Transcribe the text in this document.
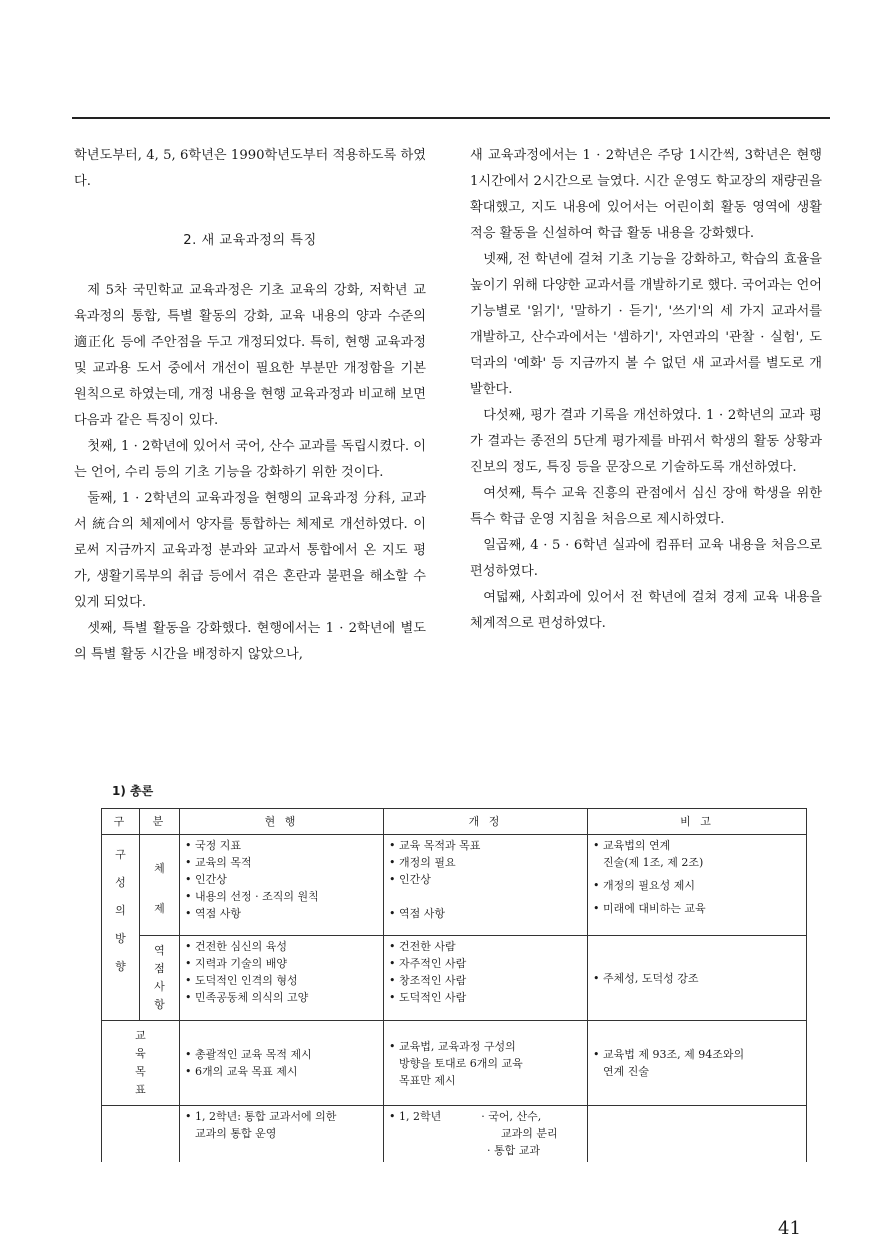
학년도부터, 4, 5, 6학년은 1990학년도부터 적용하도록 하였다.

2. 새 교육과정의 특징

제 5차 국민학교 교육과정은 기초 교육의 강화, 저학년 교육과정의 통합, 특별 활동의 강화, 교육 내용의 양과 수준의 適正化 등에 주안점을 두고 개정되었다. 특히, 현행 교육과정 및 교과용 도서 중에서 개선이 필요한 부분만 개정함을 기본 원칙으로 하였는데, 개정 내용을 현행 교육과정과 비교해 보면 다음과 같은 특징이 있다.

첫째, 1 · 2학년에 있어서 국어, 산수 교과를 독립시켰다. 이는 언어, 수리 등의 기초 기능을 강화하기 위한 것이다.

둘째, 1 · 2학년의 교육과정을 현행의 교육과정 分科, 교과서 統合의 체제에서 양자를 통합하는 체제로 개선하였다. 이로써 지금까지 교육과정 분과와 교과서 통합에서 온 지도 평가, 생활기록부의 취급 등에서 겪은 혼란과 불편을 해소할 수 있게 되었다.

셋째, 특별 활동을 강화했다. 현행에서는 1 · 2학년에 별도의 특별 활동 시간을 배정하지 않았으나,

새 교육과정에서는 1 · 2학년은 주당 1시간씩, 3학년은 현행 1시간에서 2시간으로 늘였다. 시간 운영도 학교장의 재량권을 확대했고, 지도 내용에 있어서는 어린이회 활동 영역에 생활 적응 활동을 신설하여 학급 활동 내용을 강화했다.

넷째, 전 학년에 걸쳐 기초 기능을 강화하고, 학습의 효율을 높이기 위해 다양한 교과서를 개발하기로 했다. 국어과는 언어 기능별로 '읽기', '말하기 · 듣기', '쓰기'의 세 가지 교과서를 개발하고, 산수과에서는 '셈하기', 자연과의 '관찰 · 실험', 도덕과의 '예화' 등 지금까지 볼 수 없던 새 교과서를 별도로 개발한다.

다섯째, 평가 결과 기록을 개선하였다. 1 · 2학년의 교과 평가 결과는 종전의 5단계 평가제를 바꿔서 학생의 활동 상황과 진보의 정도, 특징 등을 문장으로 기술하도록 개선하였다.

여섯째, 특수 교육 진흥의 관점에서 심신 장애 학생을 위한 특수 학급 운영 지침을 처음으로 제시하였다.

일곱째, 4 · 5 · 6학년 실과에 컴퓨터 교육 내용을 처음으로 편성하였다.

여덟째, 사회과에 있어서 전 학년에 걸쳐 경제 교육 내용을 체계적으로 편성하였다.

1) 총론
구	분	현 행	개 정	비 고

구
성
의
방
향	체
제	• 국정 지표
• 교육의 목적
• 인간상
• 내용의 선정 · 조직의 원칙
• 역점 사항	• 교육 목적과 목표
• 개정의 필요
• 인간상

• 역점 사항	• 교육법의 연계
진술(제 1조, 제 2조)
• 개정의 필요성 제시
• 미래에 대비하는 교육

	역
점
사
항	• 건전한 심신의 육성
• 지력과 기술의 배양
• 도덕적인 인격의 형성
• 민족공동체 의식의 고양	• 건전한 사람
• 자주적인 사람
• 창조적인 사람
• 도덕적인 사람	• 주체성, 도덕성 강조

교
육
목
표		• 총괄적인 교육 목적 제시
• 6개의 교육 목표 제시	• 교육법, 교육과정 구성의
방향을 토대로 6개의 교육
목표만 제시	• 교육법 제 93조, 제 94조와의
연계 진술

		• 1, 2학년: 통합 교과서에 의한
교과의 통합 운영	• 1, 2학년 · 국어, 산수,
교과의 분리
· 통합 교과	

41
